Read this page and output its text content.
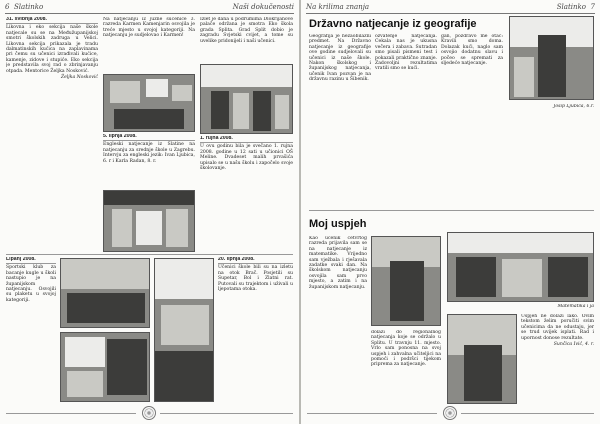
6 Slatinko	Naši dokučenosti
31. svibnja 2008.

Likovna i eko sekcija naše škole natjecale su se na Međužupanijskoj smotri školskih zadruga u Velici. Likovna sekcija prikazala je tradu dalmatinskih kućica na zaplavinama pri čemu su učenici izrađivali kućice, kamenje, zidove i stupiće. Eko sekcija je predstavila svoj rad o zbrinjavanju otpada. Mentorice Željka Nosković.

Željka Nosković

Na natjecanju iz južne sučenice 3. razreda Karmen Kamenjarin osvojila je treće mjesto u svojoj kategoriji. Na natjecanju je sudjelovao i Karmen!

5. lipnja 2008.

Engleski natjecanje iz Slatine na natjecanju za srednje škole u Zagrebu. Intervju za engleski jezik: Ivan Ljubica, 6. r i Karla Radan, 8. r.

Izlet je dana u podrumima Dlokrijanove palače održana je smotra Eko škola grada Splita. Grad Split dobio je zagradu Svjetski cvijet, a tome su uvelike pridonijeli i naši učenici.

1. rujna 2008.

U ovu godinu bila je svečano 1. rujna 2008. godine u 12 sati u učionici OŠ Meline. Dvadeset malih prvašića upisalo se u našu školu i započelo svoje školovanje.

Lipanj 2008.

Sportski klub za bacanje kugle u školi nastupio je na županijskom natjecanju. Osvojili su plaketu u svojoj kategoriji.

20. lipnja 2008.

Učenici škole bili su na izletu na otok Brač. Posjetili su Supetar, Bol i Zlatni rat. Putovali su trajektom i uživali u ljepotama otoka.

Na krilima znanja	Slatinko 7
Državno natjecanje iz geografije

Geografija je nezaobilazni predmet. Na Državno natjecanje iz geografije ove godine sudjelovali su učenici iz naše škole. Nakon školskog i županijskog natjecanja, učenik Ivan pozvan je na državnu razinu u Šibenik.

ozvatenje natjecanja. Cekala nas je ukusna večera i zabava. Sutradan smo pisali pismeni test i pokazali praktično znanje. Zadovoljni rezultatima vratili smo se kući.

gan, pozdravo me otac: Kravili smo doma. Dolazak kući, naglo sam osvojio dodatnu slavu i počeo se spremati za sljedeće natjecanje.

Josip Ljubica, 6.r.

Moj uspjeh

Kao učenik četvrtog razreda prijavila sam se na natjecanje iz matematike. Vrijedno sam vježbala i rješavala zadatke svaki dan. Na školskom natjecanju osvojila sam prvo mjesto, a zatim i na županijskom natjecanju.

dolazi do regionalnog natjecanja koje se održalo u Splitu. U travnju 11. mjesto. Vrlo sam ponosna na svoj uspjeh i zahvalna učiteljici na pomoći i podršci tijekom priprema za natjecanje.

Matematika i ja

Uspjeh ne dolazi lako. Ovim tekstom želim poručiti svim učenicima da ne odustaju, jer se trud uvijek isplati. Rad i upornost donose rezultate.

Sunčica Ivić, 4. r.
